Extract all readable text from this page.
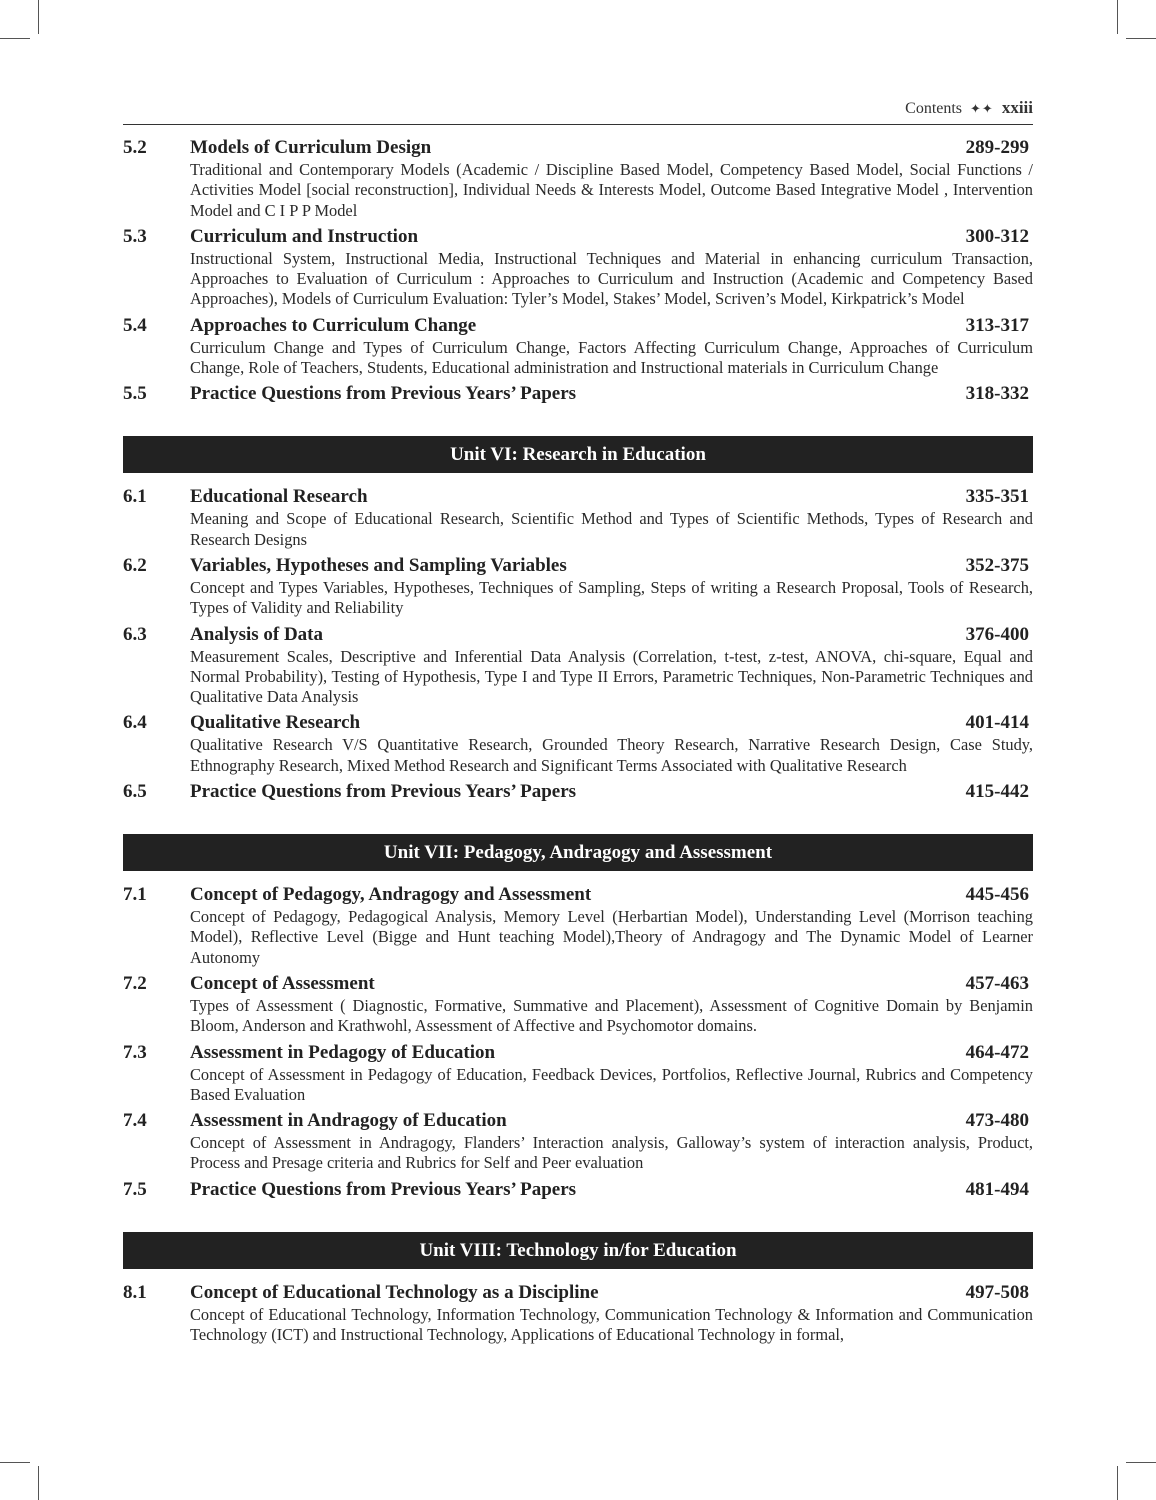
Contents ✦✦ xxiii
5.2	Models of Curriculum Design	289-299
Traditional and Contemporary Models (Academic / Discipline Based Model, Competency Based Model, Social Functions / Activities Model [social reconstruction], Individual Needs & Interests Model, Outcome Based Integrative Model , Intervention Model and C I P P Model
5.3	Curriculum and Instruction	300-312
Instructional System, Instructional Media, Instructional Techniques and Material in enhancing curriculum Transaction, Approaches to Evaluation of Curriculum : Approaches to Curriculum and Instruction (Academic and Competency Based Approaches), Models of Curriculum Evaluation: Tyler’s Model, Stakes’ Model, Scriven’s Model, Kirkpatrick’s Model
5.4	Approaches to Curriculum Change	313-317
Curriculum Change and Types of Curriculum Change, Factors Affecting Curriculum Change, Approaches of Curriculum Change, Role of Teachers, Students, Educational administration and Instructional materials in Curriculum Change
5.5	Practice Questions from Previous Years’ Papers	318-332
Unit VI: Research in Education
6.1	Educational Research	335-351
Meaning and Scope of Educational Research, Scientific Method and Types of Scientific Methods, Types of Research and Research Designs
6.2	Variables, Hypotheses and Sampling Variables	352-375
Concept and Types Variables, Hypotheses, Techniques of Sampling, Steps of writing a Research Proposal, Tools of Research, Types of Validity and Reliability
6.3	Analysis of Data	376-400
Measurement Scales, Descriptive and Inferential Data Analysis (Correlation, t-test, z-test, ANOVA, chi-square, Equal and Normal Probability), Testing of Hypothesis, Type I and Type II Errors, Parametric Techniques, Non-Parametric Techniques and Qualitative Data Analysis
6.4	Qualitative Research	401-414
Qualitative Research V/S Quantitative Research, Grounded Theory Research, Narrative Research Design, Case Study, Ethnography Research, Mixed Method Research and Significant Terms Associated with Qualitative Research
6.5	Practice Questions from Previous Years’ Papers	415-442
Unit VII: Pedagogy, Andragogy and Assessment
7.1	Concept of Pedagogy, Andragogy and Assessment	445-456
Concept of Pedagogy, Pedagogical Analysis, Memory Level (Herbartian Model), Understanding Level (Morrison teaching Model), Reflective Level (Bigge and Hunt teaching Model),Theory of Andragogy and The Dynamic Model of Learner Autonomy
7.2	Concept of Assessment	457-463
Types of Assessment ( Diagnostic, Formative, Summative and Placement), Assessment of Cognitive Domain by Benjamin Bloom, Anderson and Krathwohl, Assessment of Affective and Psychomotor domains.
7.3	Assessment in Pedagogy of Education	464-472
Concept of Assessment in Pedagogy of Education, Feedback Devices, Portfolios, Reflective Journal, Rubrics and Competency Based Evaluation
7.4	Assessment in Andragogy of Education	473-480
Concept of Assessment in Andragogy, Flanders’ Interaction analysis, Galloway’s system of interaction analysis, Product, Process and Presage criteria and Rubrics for Self and Peer evaluation
7.5	Practice Questions from Previous Years’ Papers	481-494
Unit VIII: Technology in/for Education
8.1	Concept of Educational Technology as a Discipline	497-508
Concept of Educational Technology, Information Technology, Communication Technology & Information and Communication Technology (ICT) and Instructional Technology, Applications of Educational Technology in formal,
